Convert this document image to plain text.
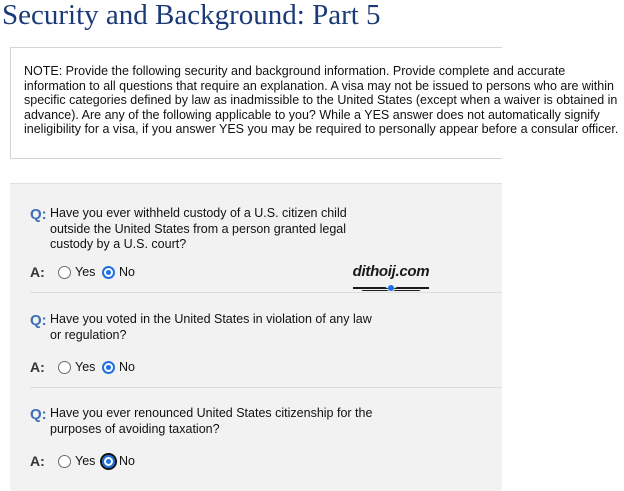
Security and Background: Part 5

NOTE: Provide the following security and background information. Provide complete and accurate information to all questions that require an explanation. A visa may not be issued to persons who are within specific categories defined by law as inadmissible to the United States (except when a waiver is obtained in advance). Are any of the following applicable to you? While a YES answer does not automatically signify ineligibility for a visa, if you answer YES you may be required to personally appear before a consular officer.

Q: Have you ever withheld custody of a U.S. citizen child outside the United States from a person granted legal custody by a U.S. court?
A: Yes No
Q: Have you voted in the United States in violation of any law or regulation?
A: Yes No
Q: Have you ever renounced United States citizenship for the purposes of avoiding taxation?
A: Yes No
dithoij.com
